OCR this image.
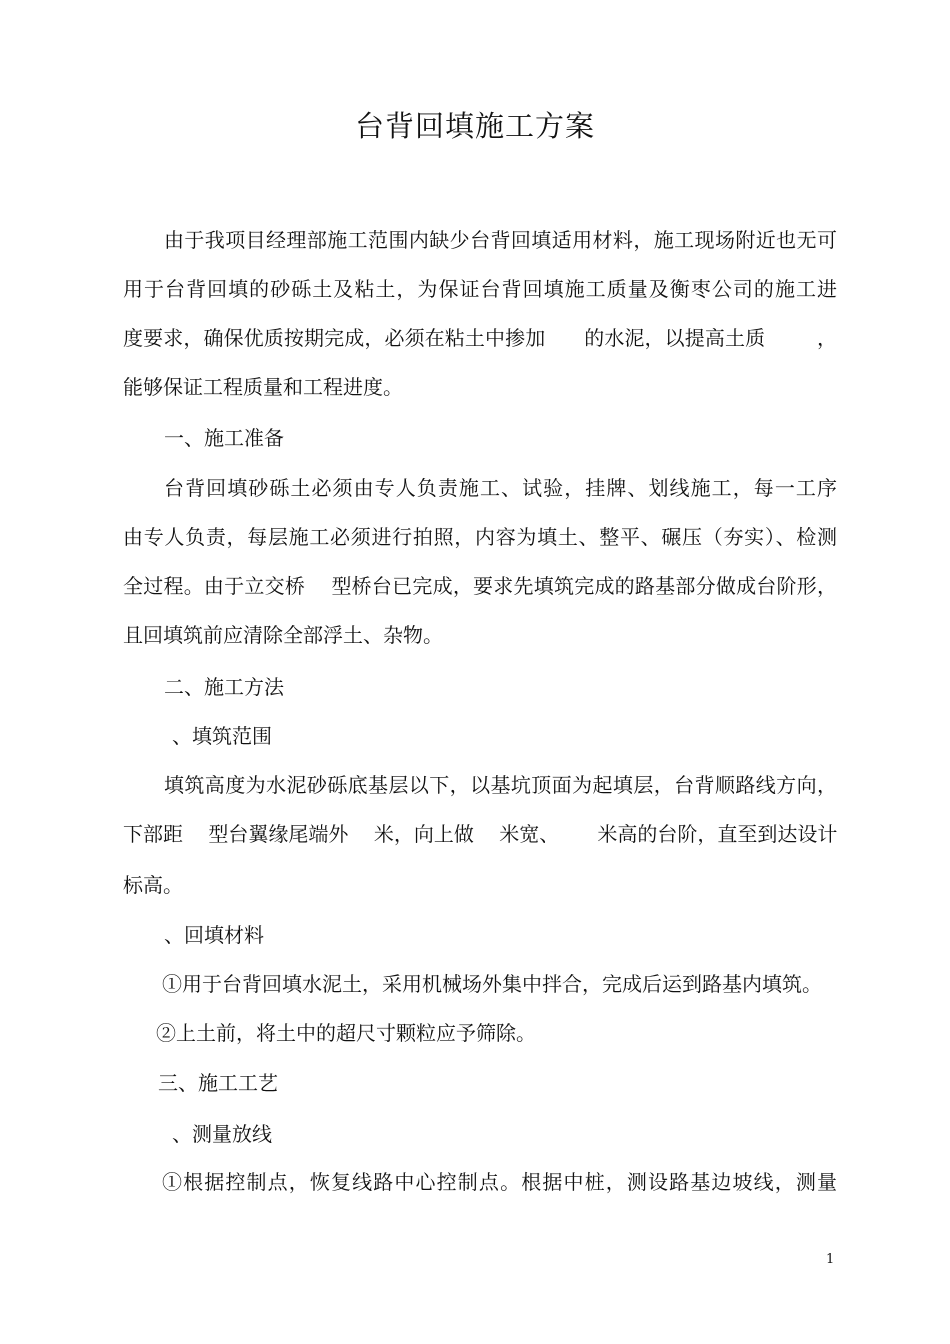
台背回填施工方案
由于我项目经理部施工范围内缺少台背回填适用材料，施工现场附近也无可
用于台背回填的砂砾土及粘土，为保证台背回填施工质量及衡枣公司的施工进
度要求，确保优质按期完成，必须在粘土中掺加      的水泥，以提高土质        ，
能够保证工程质量和工程进度。
一、施工准备
台背回填砂砾土必须由专人负责施工、试验，挂牌、划线施工，每一工序
由专人负责，每层施工必须进行拍照，内容为填土、整平、碾压（夯实）、检测
全过程。由于立交桥    型桥台已完成，要求先填筑完成的路基部分做成台阶形，
且回填筑前应清除全部浮土、杂物。
二、施工方法
、填筑范围
填筑高度为水泥砂砾底基层以下，以基坑顶面为起填层，台背顺路线方向，
下部距    型台翼缘尾端外    米，向上做    米宽、      米高的台阶，直至到达设计
标高。
、回填材料
①用于台背回填水泥土，采用机械场外集中拌合，完成后运到路基内填筑。
②上土前，将土中的超尺寸颗粒应予筛除。
三、施工工艺
、测量放线
①根据控制点，恢复线路中心控制点。根据中桩，测设路基边坡线，测量
1
